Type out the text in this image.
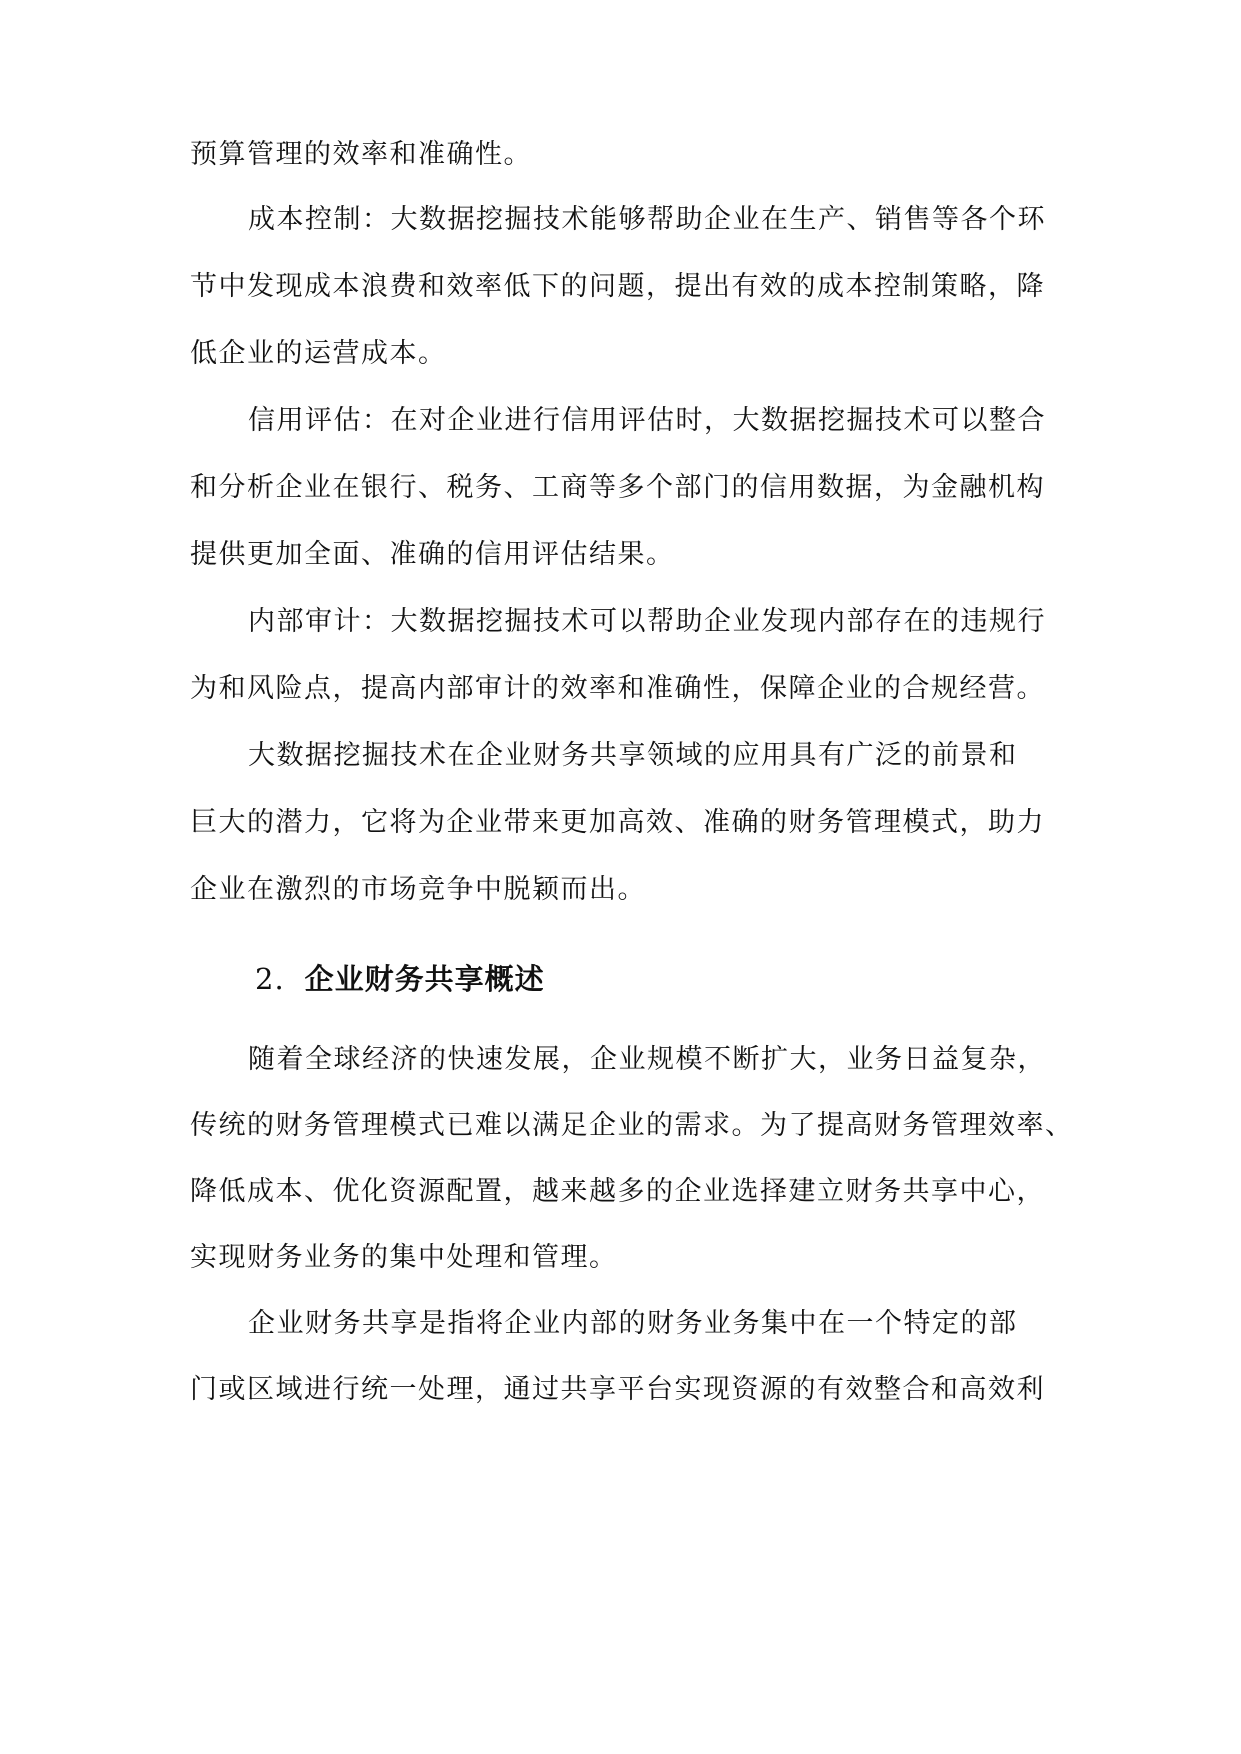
预算管理的效率和准确性。
成本控制：大数据挖掘技术能够帮助企业在生产、销售等各个环
节中发现成本浪费和效率低下的问题，提出有效的成本控制策略，降
低企业的运营成本。
信用评估：在对企业进行信用评估时，大数据挖掘技术可以整合
和分析企业在银行、税务、工商等多个部门的信用数据，为金融机构
提供更加全面、准确的信用评估结果。
内部审计：大数据挖掘技术可以帮助企业发现内部存在的违规行
为和风险点，提高内部审计的效率和准确性，保障企业的合规经营。
大数据挖掘技术在企业财务共享领域的应用具有广泛的前景和
巨大的潜力，它将为企业带来更加高效、准确的财务管理模式，助力
企业在激烈的市场竞争中脱颖而出。
2. 企业财务共享概述
随着全球经济的快速发展，企业规模不断扩大，业务日益复杂，
传统的财务管理模式已难以满足企业的需求。为了提高财务管理效率、
降低成本、优化资源配置，越来越多的企业选择建立财务共享中心，
实现财务业务的集中处理和管理。
企业财务共享是指将企业内部的财务业务集中在一个特定的部
门或区域进行统一处理，通过共享平台实现资源的有效整合和高效利
